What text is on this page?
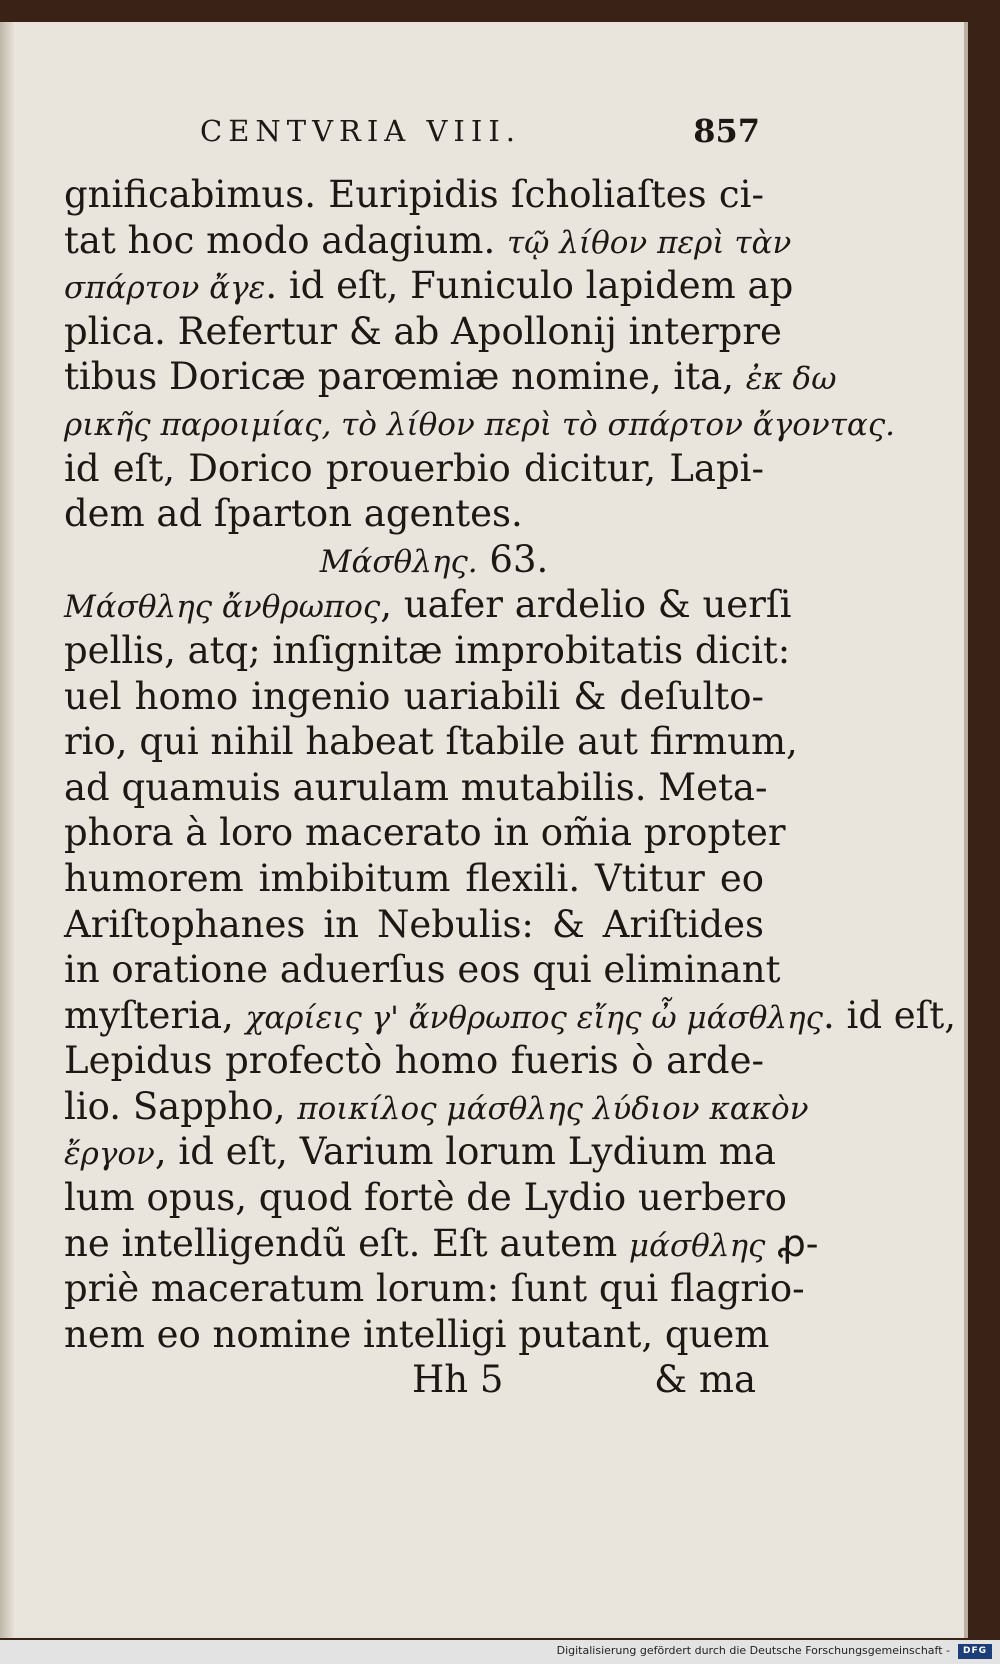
CENTVRIA VIII.	857
gnificabimus. Euripidis ſcholiaſtes ci-
tat hoc modo adagium. τῷ λίθον περὶ τὰν
σπάρτον ἄγε. id eſt, Funiculo lapidem ap
plica. Refertur & ab Apollonij interpre
tibus Doricæ parœmiæ nomine, ita, ἐκ δω
ρικῆς παροιμίας, τὸ λίθον περὶ τὸ σπάρτον ἄγοντας.
id eſt, Dorico prouerbio dicitur, Lapi-
dem ad ſparton agentes.
Μάσθλης. 63.
Μάσθλης ἄνθρωπος, uafer ardelio & uerſi
pellis, atq; inſignitæ improbitatis dicit:
uel homo ingenio uariabili & deſulto-
rio, qui nihil habeat ſtabile aut firmum,
ad quamuis aurulam mutabilis. Meta-
phora à loro macerato in om̃ia propter
humorem imbibitum flexili. Vtitur eo
Ariſtophanes in Nebulis: & Ariſtides
in oratione aduerſus eos qui eliminant
myſteria, χαρίεις γ' ἄνθρωπος εἴης ὦ μάσθλης. id eſt,
Lepidus profectò homo fueris ò arde-
lio. Sappho, ποικίλος μάσθλης λύδιον κακὸν
ἔργον, id eſt, Varium lorum Lydium ma
lum opus, quod fortè de Lydio uerbero
ne intelligendũ eſt. Eſt autem μάσθλης ꝓ-
priè maceratum lorum: ſunt qui flagrio-
nem eo nomine intelligi putant, quem
Hh 5	& ma
Digitalisierung gefördert durch die Deutsche Forschungsgemeinschaft -	DFG
